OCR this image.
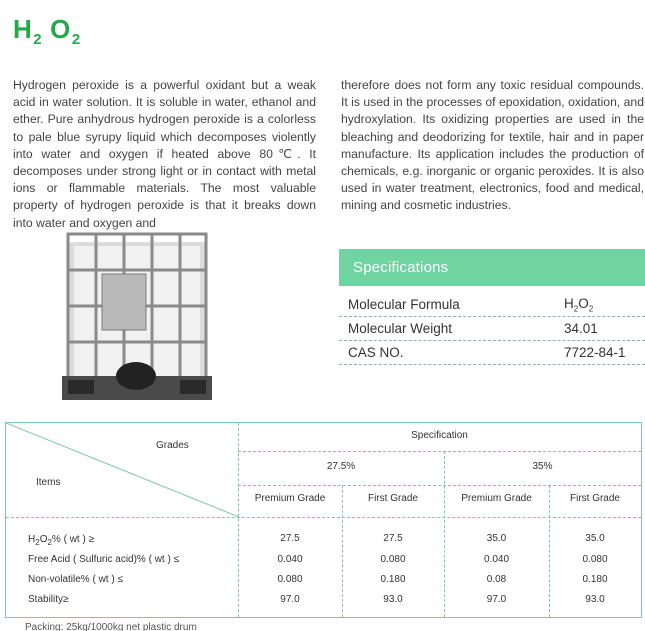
$H_2$ $O_2$

Hydrogen peroxide is a powerful oxidant but a weak acid in water solution. It is soluble in water, ethanol and ether. Pure anhydrous hydrogen peroxide is a colorless to pale blue syrupy liquid which decomposes violently into water and oxygen if heated above 80℃. It decomposes under strong light or in contact with metal ions or flammable materials. The most valuable property of hydrogen peroxide is that it breaks down into water and oxygen and

therefore does not form any toxic residual compounds. It is used in the processes of epoxidation, oxidation, and hydroxylation. Its oxidizing properties are used in the bleaching and deodorizing for textile, hair and in paper manufacture. Its application includes the production of chemicals, e.g. inorganic or organic peroxides. It is also used in water treatment, electronics, food and medical, mining and cosmetic industries.

Specifications
Molecular Formula	$H_2O_2$
Molecular Weight	34.01
CAS NO.	7722-84-1
Grades
Items
Specification
27.5%	35%
Premium Grade	First Grade	Premium Grade	First Grade
$H_2O_2\%$ ( wt ) ≥	27.5	27.5	35.0	35.0
Free Acid ( Sulfuric acid)% ( wt ) ≤	0.040	0.080	0.040	0.080
Non-volatile% ( wt ) ≤	0.080	0.180	0.08	0.180
Stability≥	97.0	93.0	97.0	93.0
Packing: 25kg/1000kg net plastic drum
